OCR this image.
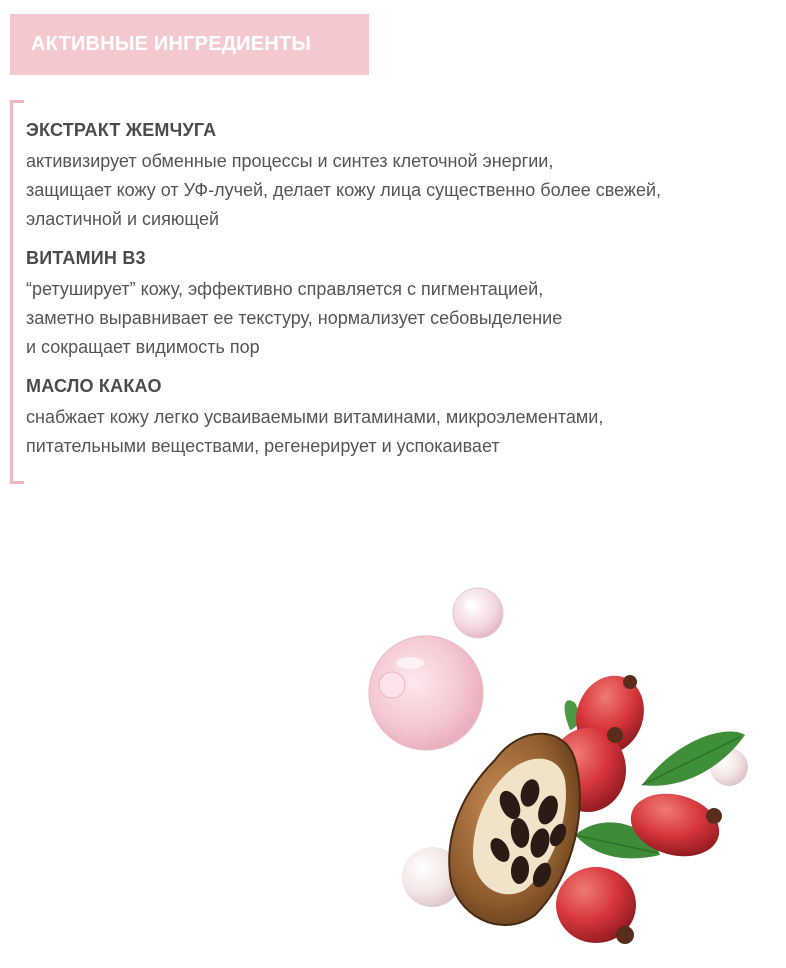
АКТИВНЫЕ ИНГРЕДИЕНТЫ
ЭКСТРАКТ ЖЕМЧУГА

активизирует обменные процессы и синтез клеточной энергии,
защищает кожу от УФ-лучей, делает кожу лица существенно более свежей,
эластичной и сияющей

ВИТАМИН B3

“ретуширует” кожу, эффективно справляется с пигментацией,
заметно выравнивает ее текстуру, нормализует себовыделение
и сокращает видимость пор

МАСЛО КАКАО

снабжает кожу легко усваиваемыми витаминами, микроэлементами,
питательными веществами, регенерирует и успокаивает
